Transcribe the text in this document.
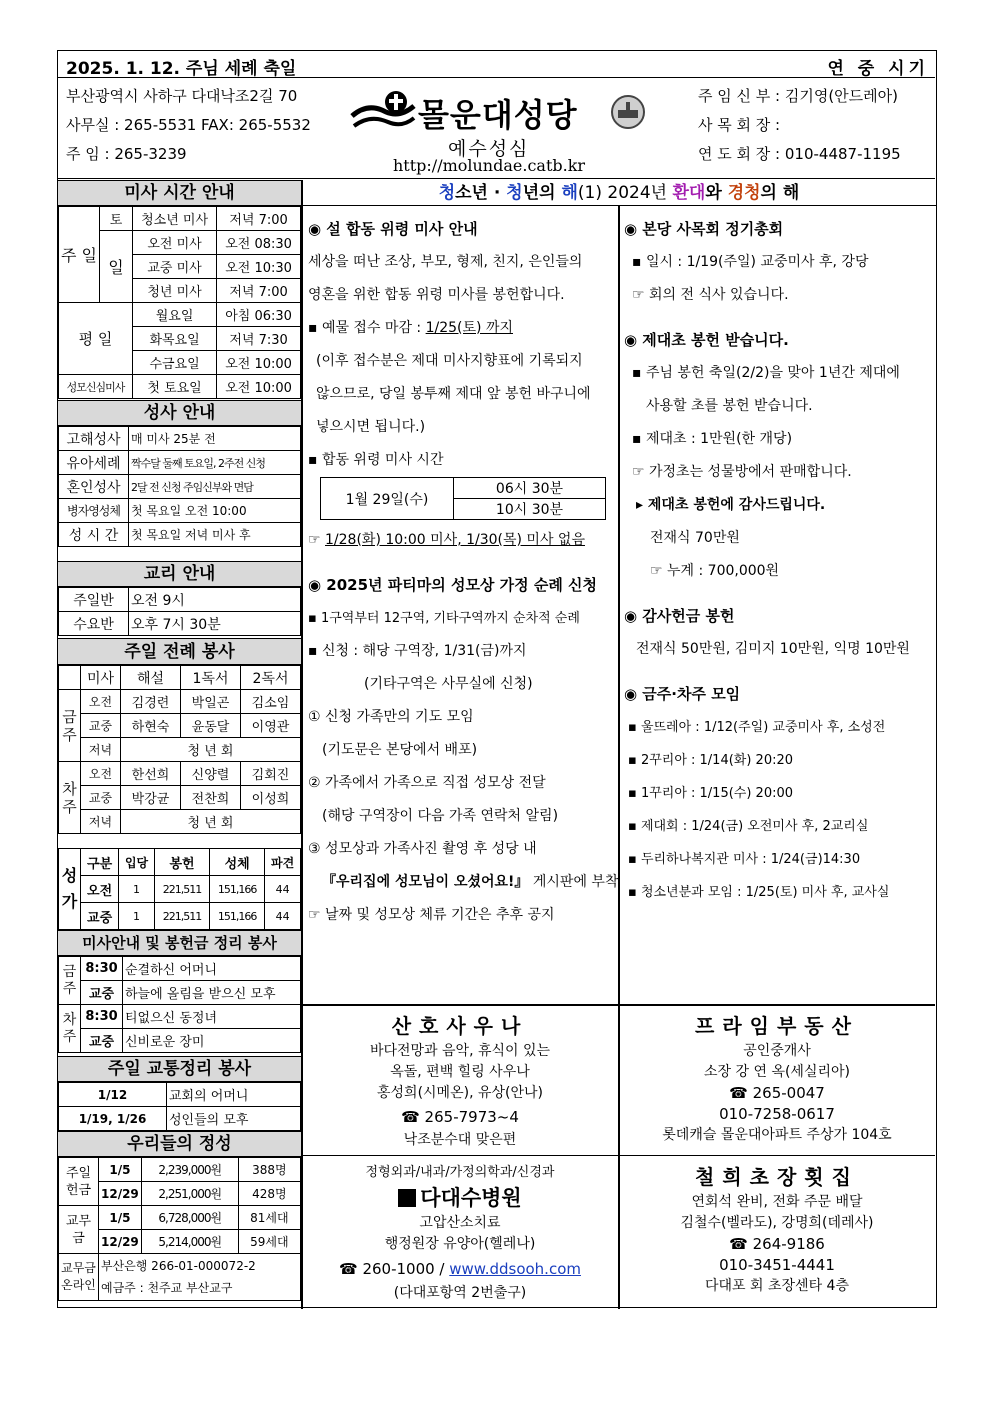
2025. 1. 12. 주님 세례 축일	연 중 시기
부산광역시 사하구 다대낙조2길 70
사무실 : 265-5531 FAX: 265-5532
주 임 : 265-3239
몰운대성당
예수성심
http://molundae.catb.kr
주 임 신 부 : 김기영(안드레아)
사 목 회 장 :
연 도 회 장 : 010-4487-1195
청소년 · 청년의 해(1) 2024년 환대와 경청의 해
미사 시간 안내
주 일	토	청소년 미사	저녁 7:00
	일	오전 미사	오전 08:30
		교중 미사	오전 10:30
		청년 미사	저녁 7:00
평 일		월요일	아침 06:30
		화목요일	저녁 7:30
		수금요일	오전 10:00
성모신심미사		첫 토요일	오전 10:00
성사 안내
고해성사	매 미사 25분 전
유아세례	짝수달 둘째 토요일, 2주전 신청
혼인성사	2달 전 신청 주임신부와 면담
병자영성체	첫 목요일 오전 10:00
성 시 간	첫 목요일 저녁 미사 후
교리 안내
주일반	오전 9시
수요반	오후 7시 30분
주일 전례 봉사
	미사	해설	1독서	2독서
금주	오전	김경련	박일곤	김소임
	교중	하현숙	윤동달	이영관
	저녁	청 년 회		
차주	오전	한선희	신양렬	김회진
	교중	박강균	전찬희	이성희
	저녁	청 년 회		
성가	구분	입당	봉헌	성체	파견
	오전	1	221,511	151,166	44
	교중	1	221,511	151,166	44
미사안내 및 봉헌금 정리 봉사
금주	8:30	순결하신 어머니
	교중	하늘에 올림을 받으신 모후
차주	8:30	티없으신 동정녀
	교중	신비로운 장미
주일 교통정리 봉사
1/12	교회의 어머니
1/19, 1/26	성인들의 모후
우리들의 정성
주일헌금	1/5	2,239,000원	388명
	12/29	2,251,000원	428명
교무금	1/5	6,728,000원	81세대
	12/29	5,214,000원	59세대
교무금 온라인	부산은행 266-01-000072-2
예금주 : 천주교 부산교구		
◉ 설 합동 위령 미사 안내

세상을 떠난 조상, 부모, 형제, 친지, 은인들의

영혼을 위한 합동 위령 미사를 봉헌합니다.

▪ 예물 접수 마감 : 1/25(토) 까지

(이후 접수분은 제대 미사지향표에 기록되지

않으므로, 당일 봉투째 제대 앞 봉헌 바구니에

넣으시면 됩니다.)

▪ 합동 위령 미사 시간

1월 29일(수)	06시 30분
10시 30분

☞ 1/28(화) 10:00 미사, 1/30(목) 미사 없음

◉ 2025년 파티마의 성모상 가정 순례 신청

▪ 1구역부터 12구역, 기타구역까지 순차적 순례

▪ 신청 : 해당 구역장, 1/31(금)까지

(기타구역은 사무실에 신청)

① 신청 가족만의 기도 모임

(기도문은 본당에서 배포)

② 가족에서 가족으로 직접 성모상 전달

(해당 구역장이 다음 가족 연락처 알림)

③ 성모상과 가족사진 촬영 후 성당 내

『우리집에 성모님이 오셨어요!』 게시판에 부착

☞ 날짜 및 성모상 체류 기간은 추후 공지

◉ 본당 사목회 정기총회

▪ 일시 : 1/19(주일) 교중미사 후, 강당

☞ 회의 전 식사 있습니다.

◉ 제대초 봉헌 받습니다.

▪ 주님 봉헌 축일(2/2)을 맞아 1년간 제대에

사용할 초를 봉헌 받습니다.

▪ 제대초 : 1만원(한 개당)

☞ 가정초는 성물방에서 판매합니다.

▸ 제대초 봉헌에 감사드립니다.

전재식 70만원

☞ 누계 : 700,000원

◉ 감사헌금 봉헌

전재식 50만원, 김미지 10만원, 익명 10만원

◉ 금주·차주 모임

▪ 울뜨레아 : 1/12(주일) 교중미사 후, 소성전

▪ 2꾸리아 : 1/14(화) 20:20

▪ 1꾸리아 : 1/15(수) 20:00

▪ 제대회 : 1/24(금) 오전미사 후, 2교리실

▪ 두리하나복지관 미사 : 1/24(금)14:30

▪ 청소년분과 모임 : 1/25(토) 미사 후, 교사실

산호사우나
바다전망과 음악, 휴식이 있는
옥돌, 편백 힐링 사우나
홍성희(시메온), 유상(안나)
☎ 265-7973~4
낙조분수대 맞은편
프라임부동산
공인중개사
소장 강 연 옥(세실리아)
☎ 265-0047
010-7258-0617
롯데캐슬 몰운대아파트 주상가 104호
정형외과/내과/가정의학과/신경과
다대수병원
고압산소치료
행정원장 유양아(헬레나)
☎ 260-1000 / www.ddsooh.com
(다대포항역 2번출구)
철희초장횟집
연회석 완비, 전화 주문 배달
김철수(벨라도), 강명희(데레사)
☎ 264-9186
010-3451-4441
다대포 회 초장센타 4층
